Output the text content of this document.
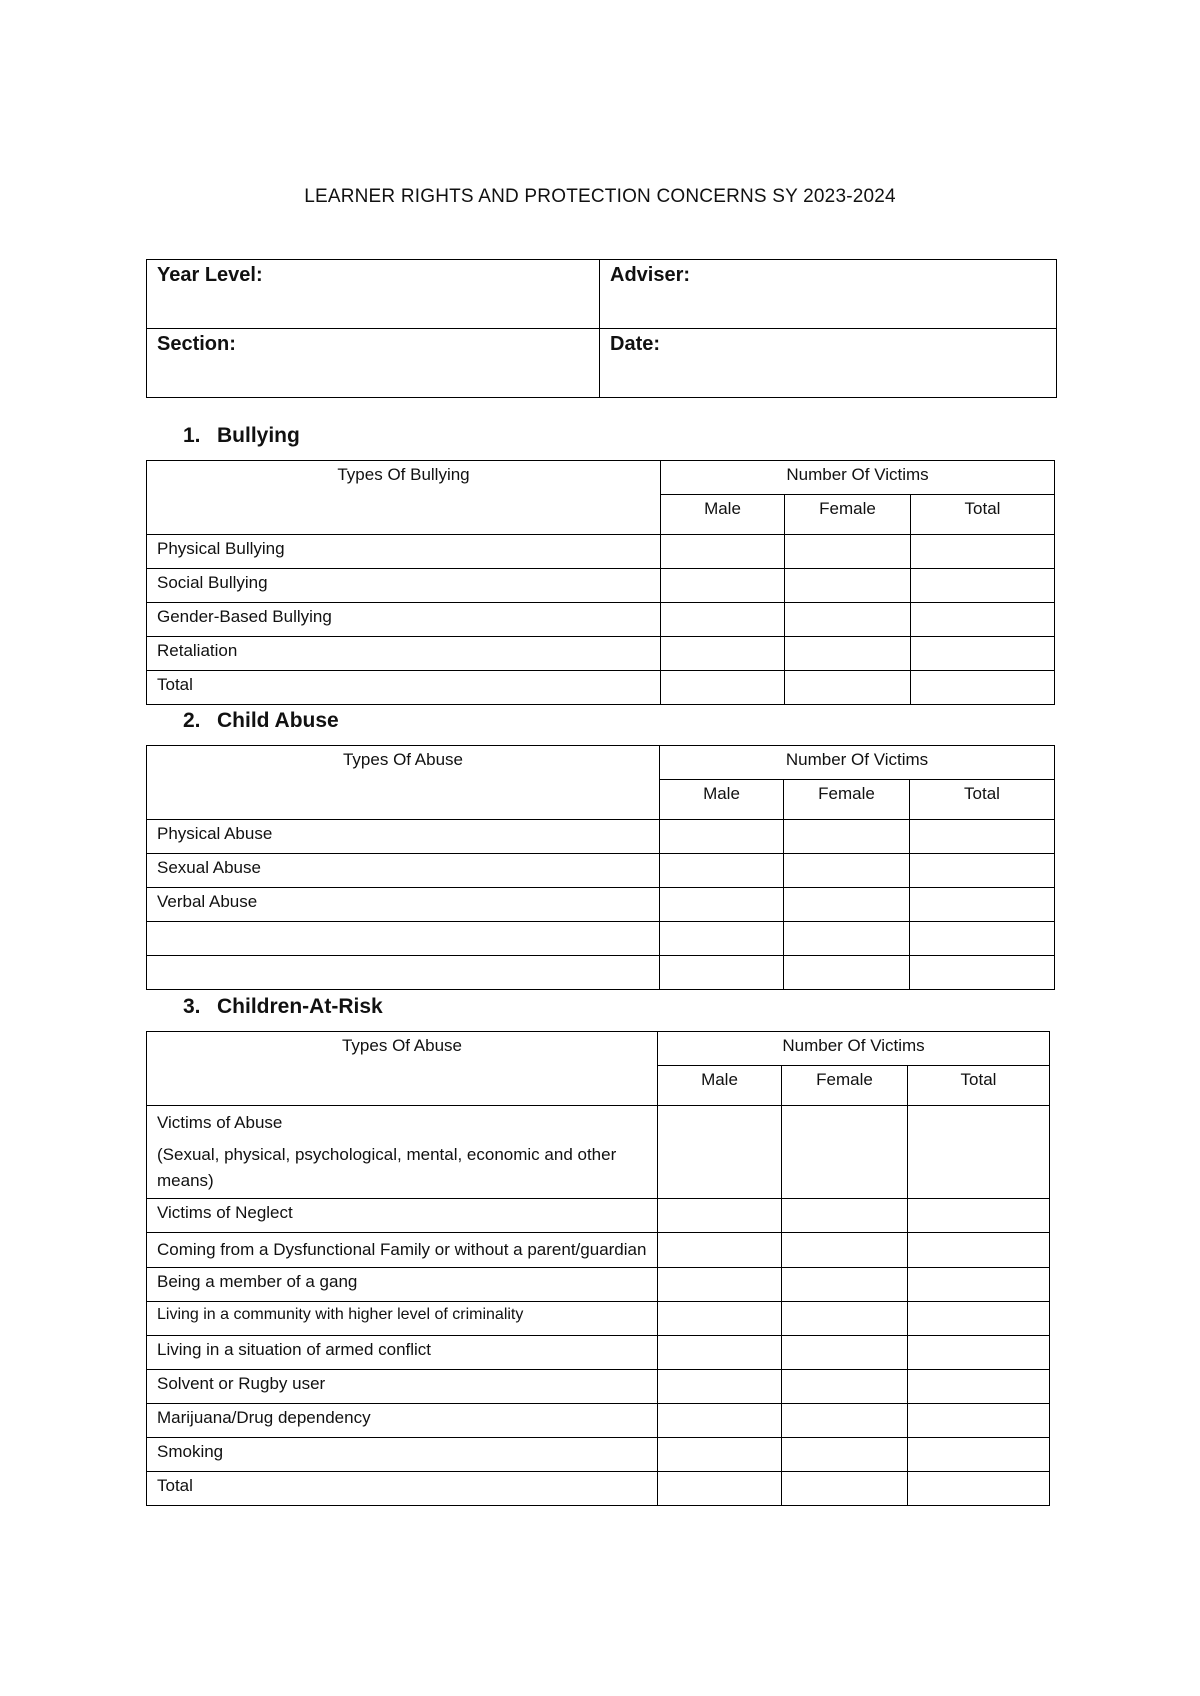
LEARNER RIGHTS AND PROTECTION CONCERNS SY 2023-2024
Year Level:	Adviser:
Section:	Date:
1. Bullying
Types Of Bullying	Number Of Victims		
	Male	Female	Total
Physical Bullying			
Social Bullying			
Gender-Based Bullying			
Retaliation			
Total			
2. Child Abuse
Types Of Abuse	Number Of Victims		
	Male	Female	Total
Physical Abuse			
Sexual Abuse			
Verbal Abuse			

3. Children-At-Risk
Types Of Abuse	Number Of Victims		
	Male	Female	Total

Victims of Abuse
(Sexual, physical, psychological, mental, economic and other means)			

Victims of Neglect			
Coming from a Dysfunctional Family or without a parent/guardian			
Being a member of a gang			
Living in a community with higher level of criminality			
Living in a situation of armed conflict			
Solvent or Rugby user			
Marijuana/Drug dependency			
Smoking			
Total			
